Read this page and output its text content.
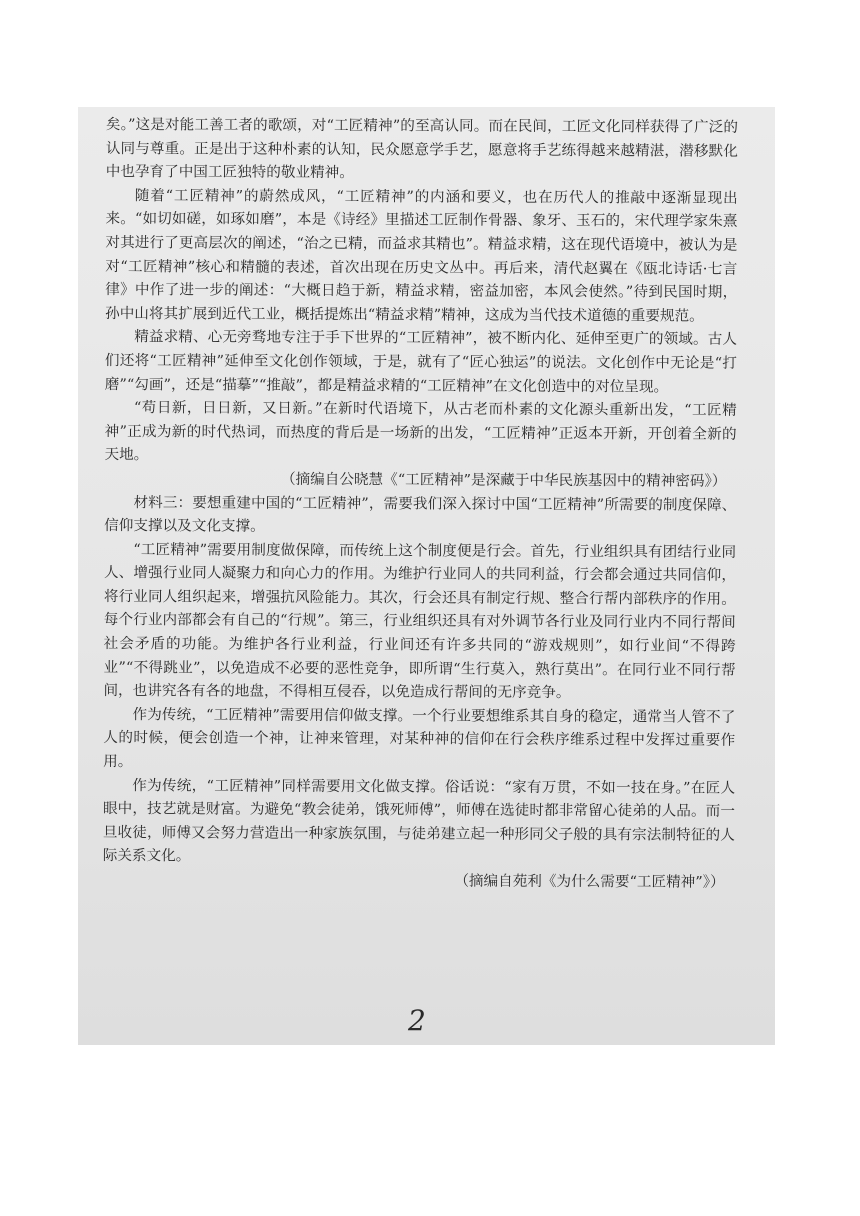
矣。”这是对能工善工者的歌颂，对“工匠精神”的至高认同。而在民间，工匠文化同样获得了广泛的认同与尊重。正是出于这种朴素的认知，民众愿意学手艺，愿意将手艺练得越来越精湛，潜移默化中也孕育了中国工匠独特的敬业精神。

随着“工匠精神”的蔚然成风，“工匠精神”的内涵和要义，也在历代人的推敲中逐渐显现出来。“如切如磋，如琢如磨”，本是《诗经》里描述工匠制作骨器、象牙、玉石的，宋代理学家朱熹对其进行了更高层次的阐述，“治之已精，而益求其精也”。精益求精，这在现代语境中，被认为是对“工匠精神”核心和精髓的表述，首次出现在历史文丛中。再后来，清代赵翼在《瓯北诗话·七言律》中作了进一步的阐述：“大概日趋于新，精益求精，密益加密，本风会使然。”待到民国时期，孙中山将其扩展到近代工业，概括提炼出“精益求精”精神，这成为当代技术道德的重要规范。

精益求精、心无旁骛地专注于手下世界的“工匠精神”，被不断内化、延伸至更广的领域。古人们还将“工匠精神”延伸至文化创作领域，于是，就有了“匠心独运”的说法。文化创作中无论是“打磨”“勾画”，还是“描摹”“推敲”，都是精益求精的“工匠精神”在文化创造中的对位呈现。

“苟日新，日日新，又日新。”在新时代语境下，从古老而朴素的文化源头重新出发，“工匠精神”正成为新的时代热词，而热度的背后是一场新的出发，“工匠精神”正返本开新，开创着全新的天地。

（摘编自公晓慧《“工匠精神”是深藏于中华民族基因中的精神密码》）

材料三：要想重建中国的“工匠精神”，需要我们深入探讨中国“工匠精神”所需要的制度保障、信仰支撑以及文化支撑。

“工匠精神”需要用制度做保障，而传统上这个制度便是行会。首先，行业组织具有团结行业同人、增强行业同人凝聚力和向心力的作用。为维护行业同人的共同利益，行会都会通过共同信仰，将行业同人组织起来，增强抗风险能力。其次，行会还具有制定行规、整合行帮内部秩序的作用。每个行业内部都会有自己的“行规”。第三，行业组织还具有对外调节各行业及同行业内不同行帮间社会矛盾的功能。为维护各行业利益，行业间还有许多共同的“游戏规则”，如行业间“不得跨业”“不得跳业”，以免造成不必要的恶性竞争，即所谓“生行莫入，熟行莫出”。在同行业不同行帮间，也讲究各有各的地盘，不得相互侵吞，以免造成行帮间的无序竞争。

作为传统，“工匠精神”需要用信仰做支撑。一个行业要想维系其自身的稳定，通常当人管不了人的时候，便会创造一个神，让神来管理，对某种神的信仰在行会秩序维系过程中发挥过重要作用。

作为传统，“工匠精神”同样需要用文化做支撑。俗话说：“家有万贯，不如一技在身。”在匠人眼中，技艺就是财富。为避免“教会徒弟，饿死师傅”，师傅在选徒时都非常留心徒弟的人品。而一旦收徒，师傅又会努力营造出一种家族氛围，与徒弟建立起一种形同父子般的具有宗法制特征的人际关系文化。

（摘编自苑利《为什么需要“工匠精神”》）

2
